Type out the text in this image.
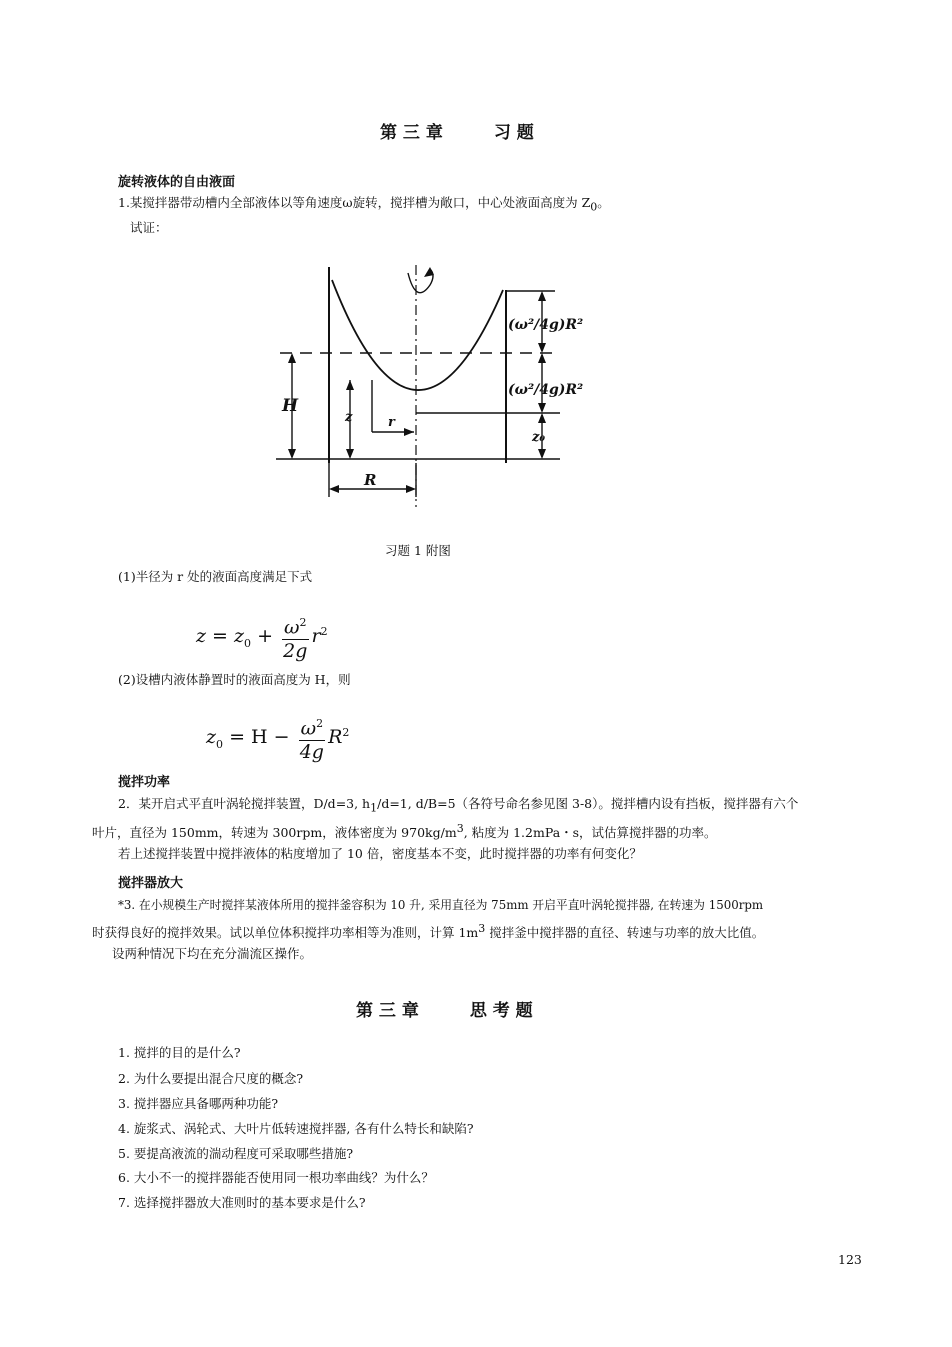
第 三 章　　　习 题
旋转液体的自由液面
1.某搅拌器带动槽内全部液体以等角速度ω旋转，搅拌槽为敞口，中心处液面高度为 Z0。
试证：
(ω²/4g)R²
(ω²/4g)R²
H
z	r
z₀
R
习题 1 附图
(1)半径为 r 处的液面高度满足下式
$z = z_0 + \frac{\omega^2}{2g} r^2$
(2)设槽内液体静置时的液面高度为 H，则
$z_0 = H - \frac{\omega^2}{4g} R^2$
搅拌功率
2．某开启式平直叶涡轮搅拌装置，D/d=3, h1/d=1, d/B=5（各符号命名参见图 3-8）。搅拌槽内设有挡板，搅拌器有六个
叶片，直径为 150mm，转速为 300rpm，液体密度为 970kg/m3, 粘度为 1.2mPa・s，试估算搅拌器的功率。
若上述搅拌装置中搅拌液体的粘度增加了 10 倍，密度基本不变，此时搅拌器的功率有何变化？
搅拌器放大
*3. 在小规模生产时搅拌某液体所用的搅拌釜容积为 10 升, 采用直径为 75mm 开启平直叶涡轮搅拌器, 在转速为 1500rpm
时获得良好的搅拌效果。试以单位体积搅拌功率相等为准则，计算 1m3 搅拌釜中搅拌器的直径、转速与功率的放大比值。
设两种情况下均在充分湍流区操作。
第 三 章　　　思 考 题
1. 搅拌的目的是什么?
2. 为什么要提出混合尺度的概念?
3. 搅拌器应具备哪两种功能?
4. 旋浆式、涡轮式、大叶片低转速搅拌器, 各有什么特长和缺陷?
5. 要提高液流的湍动程度可采取哪些措施?
6. 大小不一的搅拌器能否使用同一根功率曲线？为什么？
7. 选择搅拌器放大准则时的基本要求是什么?
123
